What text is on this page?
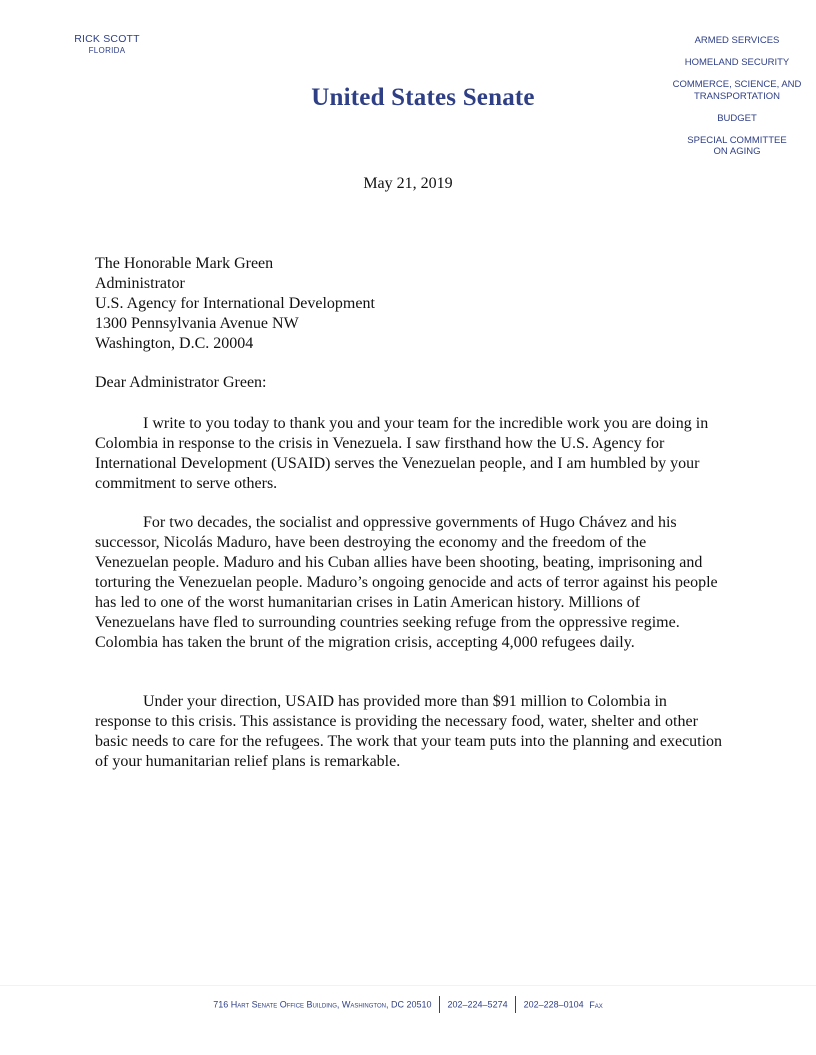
RICK SCOTT
FLORIDA
United States Senate
ARMED SERVICES
HOMELAND SECURITY
COMMERCE, SCIENCE, AND
TRANSPORTATION
BUDGET
SPECIAL COMMITTEE
ON AGING
May 21, 2019
The Honorable Mark Green
Administrator
U.S. Agency for International Development
1300 Pennsylvania Avenue NW
Washington, D.C. 20004
Dear Administrator Green:
I write to you today to thank you and your team for the incredible work you are doing in Colombia in response to the crisis in Venezuela. I saw firsthand how the U.S. Agency for International Development (USAID) serves the Venezuelan people, and I am humbled by your commitment to serve others.
For two decades, the socialist and oppressive governments of Hugo Chávez and his successor, Nicolás Maduro, have been destroying the economy and the freedom of the Venezuelan people. Maduro and his Cuban allies have been shooting, beating, imprisoning and torturing the Venezuelan people. Maduro’s ongoing genocide and acts of terror against his people has led to one of the worst humanitarian crises in Latin American history. Millions of Venezuelans have fled to surrounding countries seeking refuge from the oppressive regime. Colombia has taken the brunt of the migration crisis, accepting 4,000 refugees daily.
Under your direction, USAID has provided more than $91 million to Colombia in response to this crisis. This assistance is providing the necessary food, water, shelter and other basic needs to care for the refugees. The work that your team puts into the planning and execution of your humanitarian relief plans is remarkable.
716 Hart Senate Office Building, Washington, DC 20510 202–224–5274 202–228–0104 Fax
